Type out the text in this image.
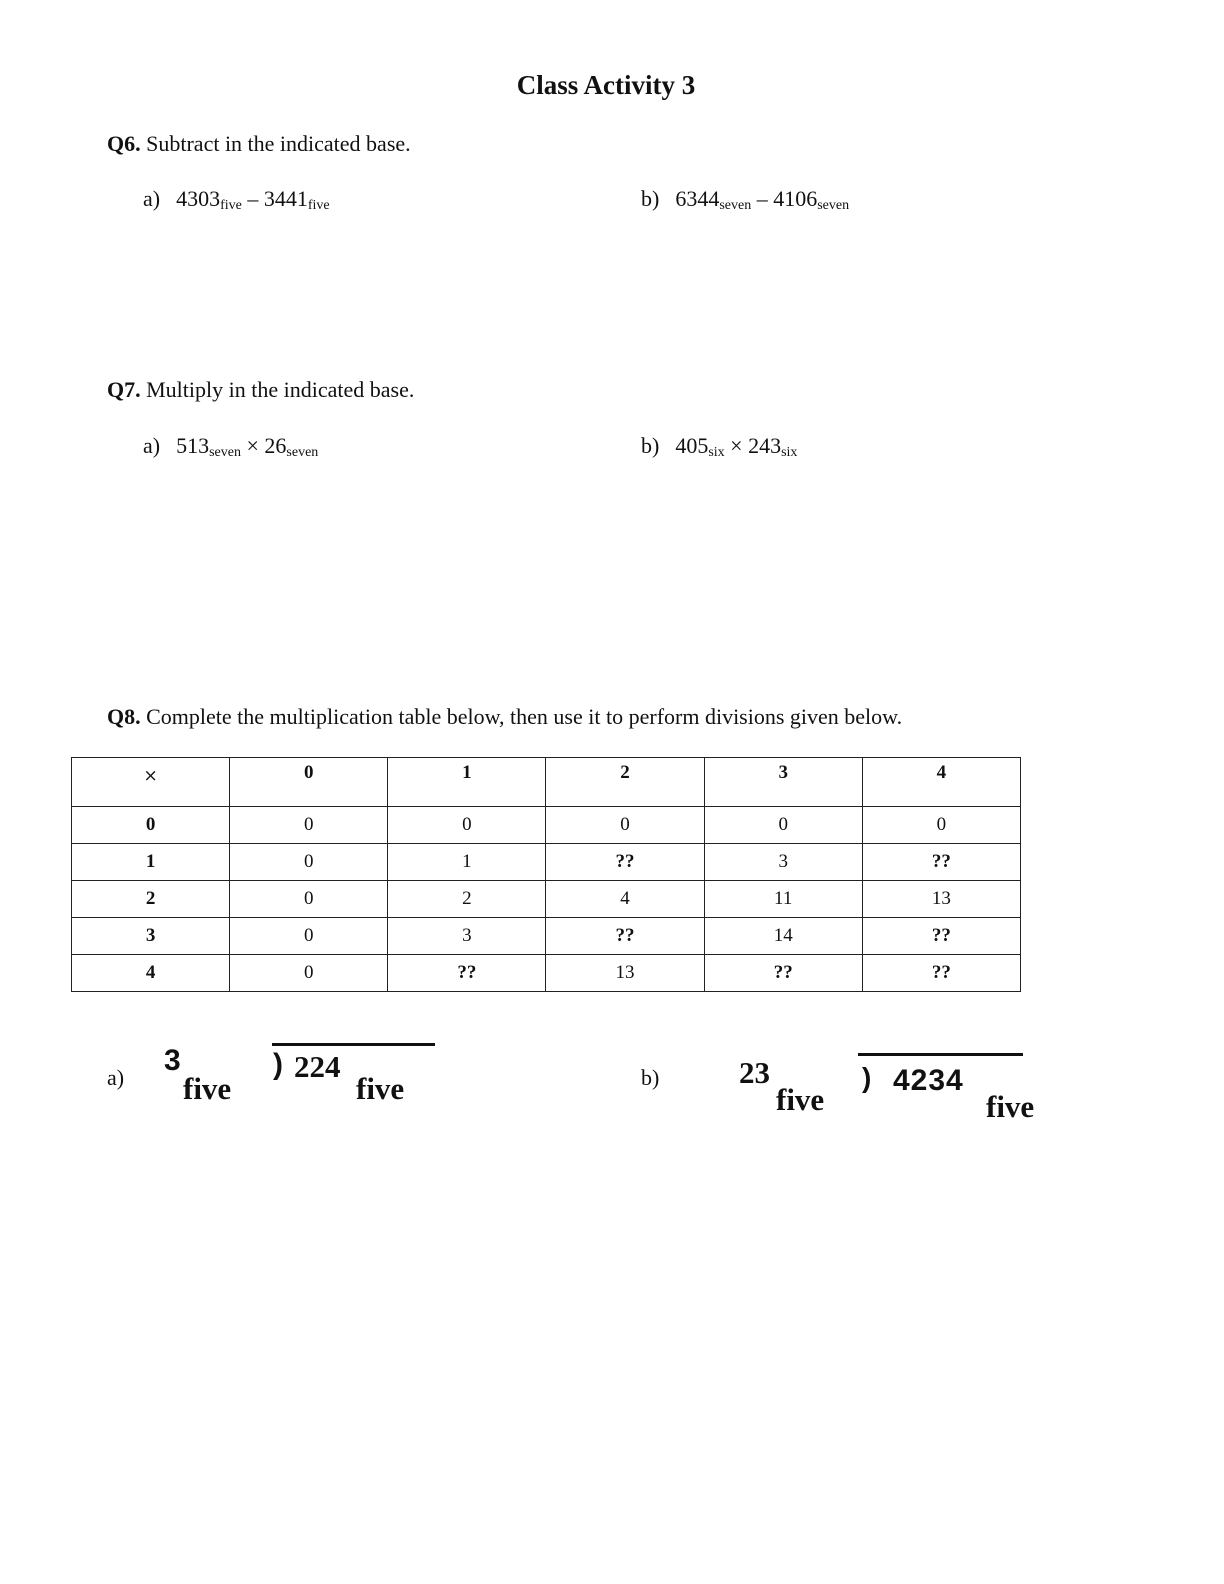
Class Activity 3
Q6. Subtract in the indicated base.
a) $4303_{five} - 3441_{five}$	b) $6344_{seven} - 4106_{seven}$
Q7. Multiply in the indicated base.
a) $513_{seven} \times 26_{seven}$	b) $405_{six} \times 243_{six}$
Q8. Complete the multiplication table below, then use it to perform divisions given below.
×	0	1	2	3	4
0	0	0	0	0	0
1	0	1	??	3	??
2	0	2	4	11	13
3	0	3	??	14	??
4	0	??	13	??	??
a)
3
five
) 224
five	b)	23
five
) 4234
five
